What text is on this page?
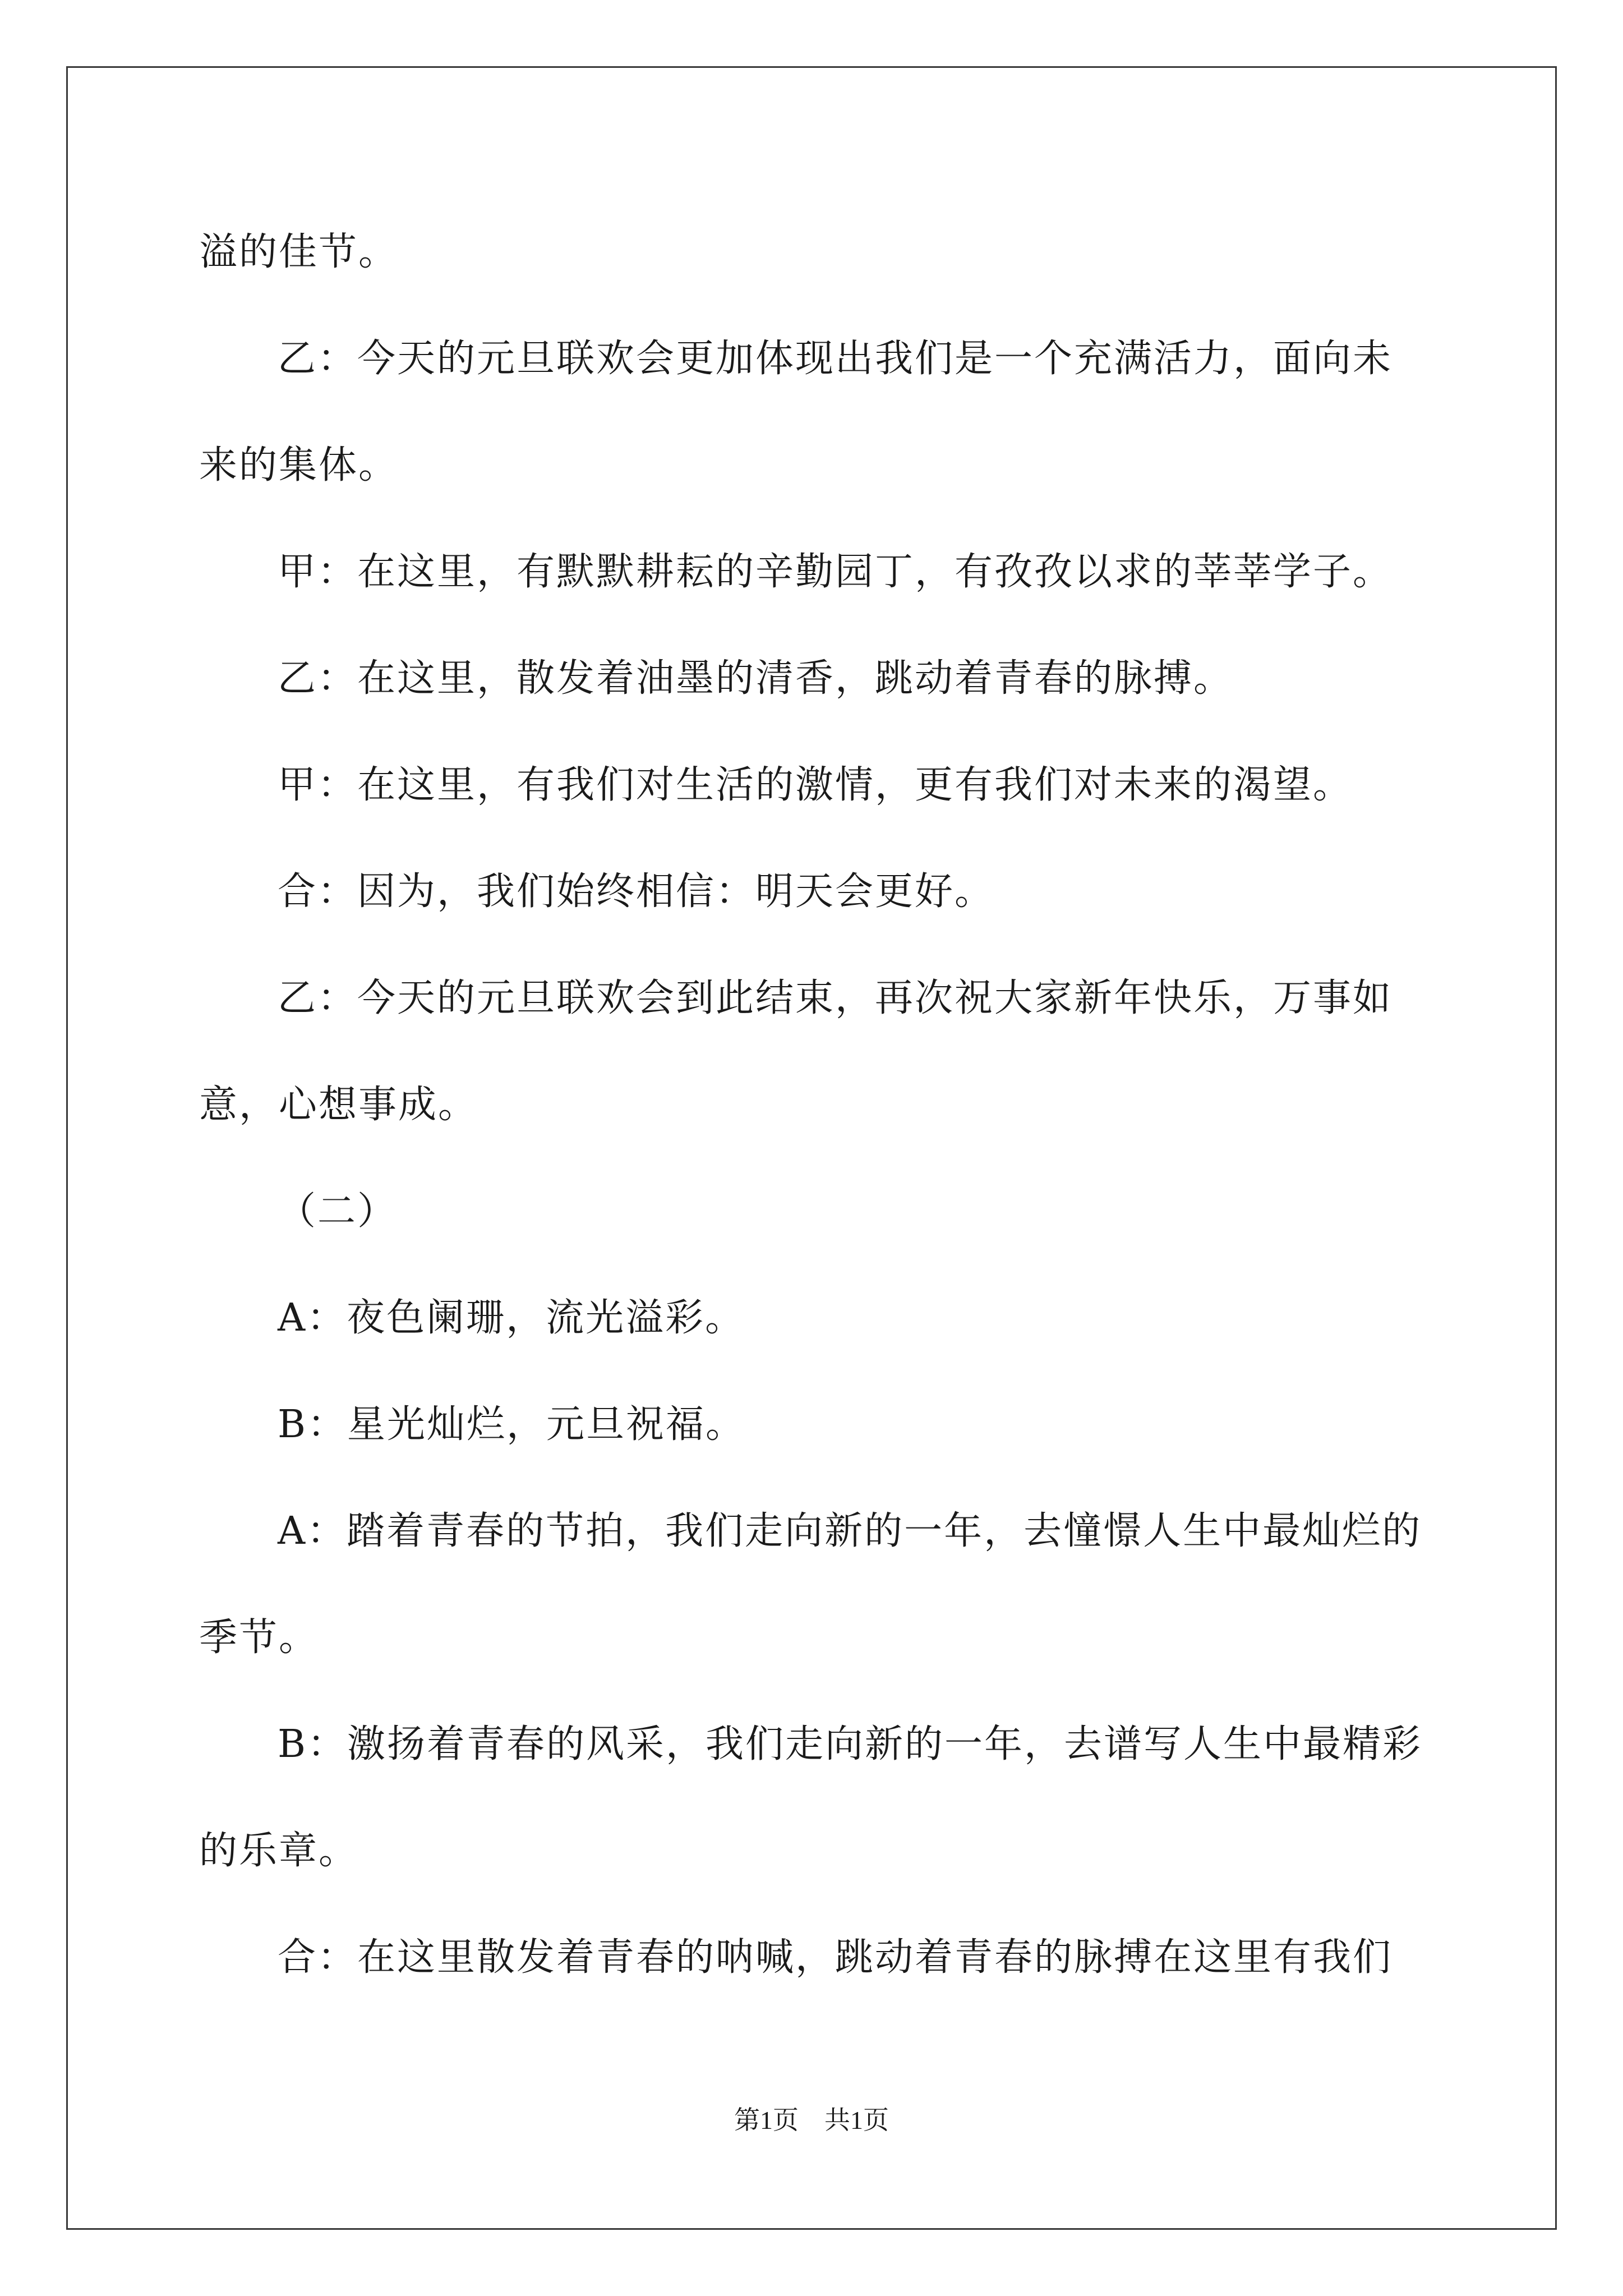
溢的佳节。
乙：今天的元旦联欢会更加体现出我们是一个充满活力，面向未
来的集体。
甲：在这里，有默默耕耘的辛勤园丁，有孜孜以求的莘莘学子。
乙：在这里，散发着油墨的清香，跳动着青春的脉搏。
甲：在这里，有我们对生活的激情，更有我们对未来的渴望。
合：因为，我们始终相信：明天会更好。
乙：今天的元旦联欢会到此结束，再次祝大家新年快乐，万事如
意，心想事成。
（二）
A：夜色阑珊，流光溢彩。
B：星光灿烂，元旦祝福。
A：踏着青春的节拍，我们走向新的一年，去憧憬人生中最灿烂的
季节。
B：激扬着青春的风采，我们走向新的一年，去谱写人生中最精彩
的乐章。
合：在这里散发着青春的呐喊，跳动着青春的脉搏在这里有我们
第1页　共1页
